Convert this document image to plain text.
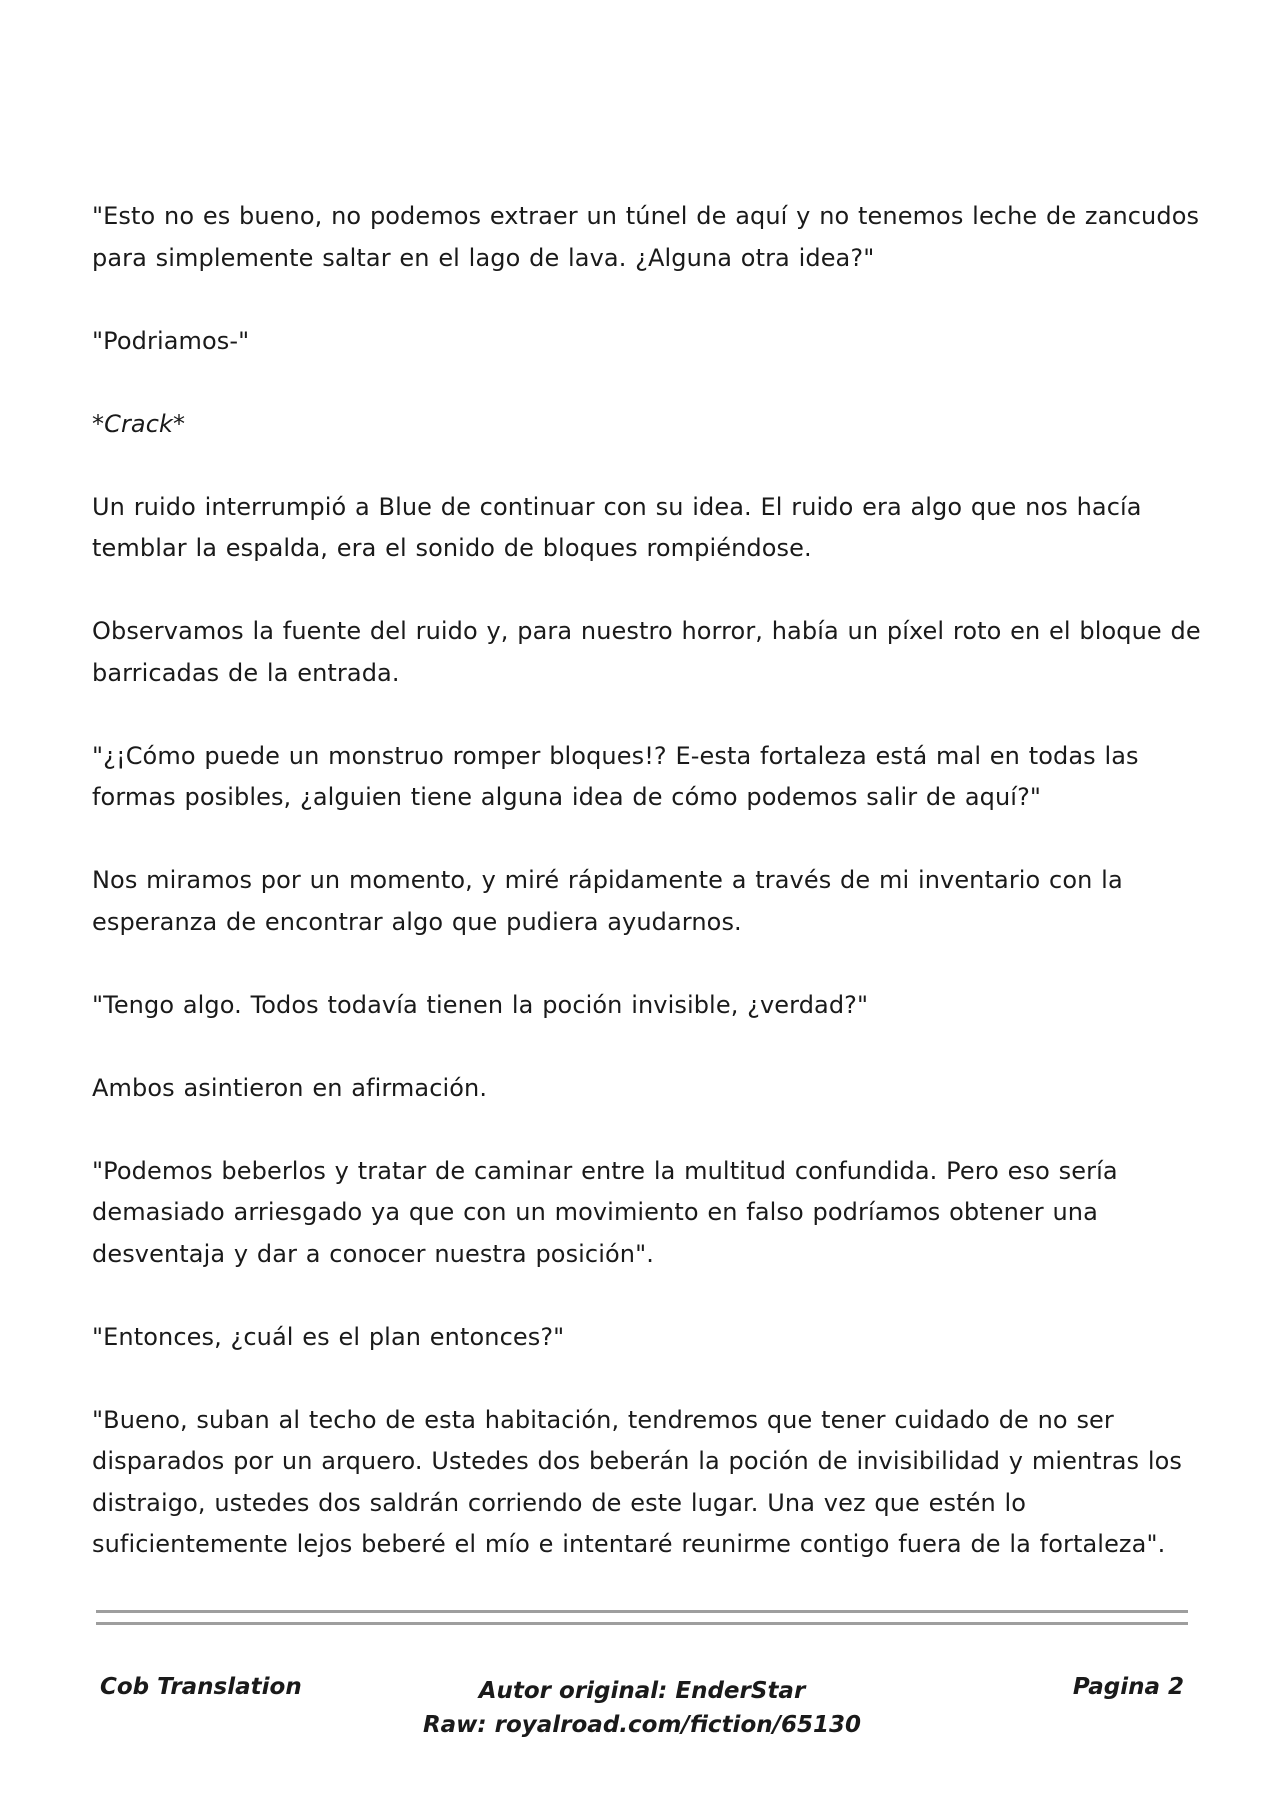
"Esto no es bueno, no podemos extraer un túnel de aquí y no tenemos leche de zancudos para simplemente saltar en el lago de lava. ¿Alguna otra idea?"

"Podriamos-"

*Crack*

Un ruido interrumpió a Blue de continuar con su idea. El ruido era algo que nos hacía temblar la espalda, era el sonido de bloques rompiéndose.

Observamos la fuente del ruido y, para nuestro horror, había un píxel roto en el bloque de barricadas de la entrada.

"¿¡Cómo puede un monstruo romper bloques!? E-esta fortaleza está mal en todas las formas posibles, ¿alguien tiene alguna idea de cómo podemos salir de aquí?"

Nos miramos por un momento, y miré rápidamente a través de mi inventario con la esperanza de encontrar algo que pudiera ayudarnos.

"Tengo algo. Todos todavía tienen la poción invisible, ¿verdad?"

Ambos asintieron en afirmación.

"Podemos beberlos y tratar de caminar entre la multitud confundida. Pero eso sería demasiado arriesgado ya que con un movimiento en falso podríamos obtener una desventaja y dar a conocer nuestra posición".

"Entonces, ¿cuál es el plan entonces?"

"Bueno, suban al techo de esta habitación, tendremos que tener cuidado de no ser disparados por un arquero. Ustedes dos beberán la poción de invisibilidad y mientras los distraigo, ustedes dos saldrán corriendo de este lugar. Una vez que estén lo suficientemente lejos beberé el mío e intentaré reunirme contigo fuera de la fortaleza".

Cob Translation	Autor original: EnderStar
Raw: royalroad.com/fiction/65130
Pagina 2
